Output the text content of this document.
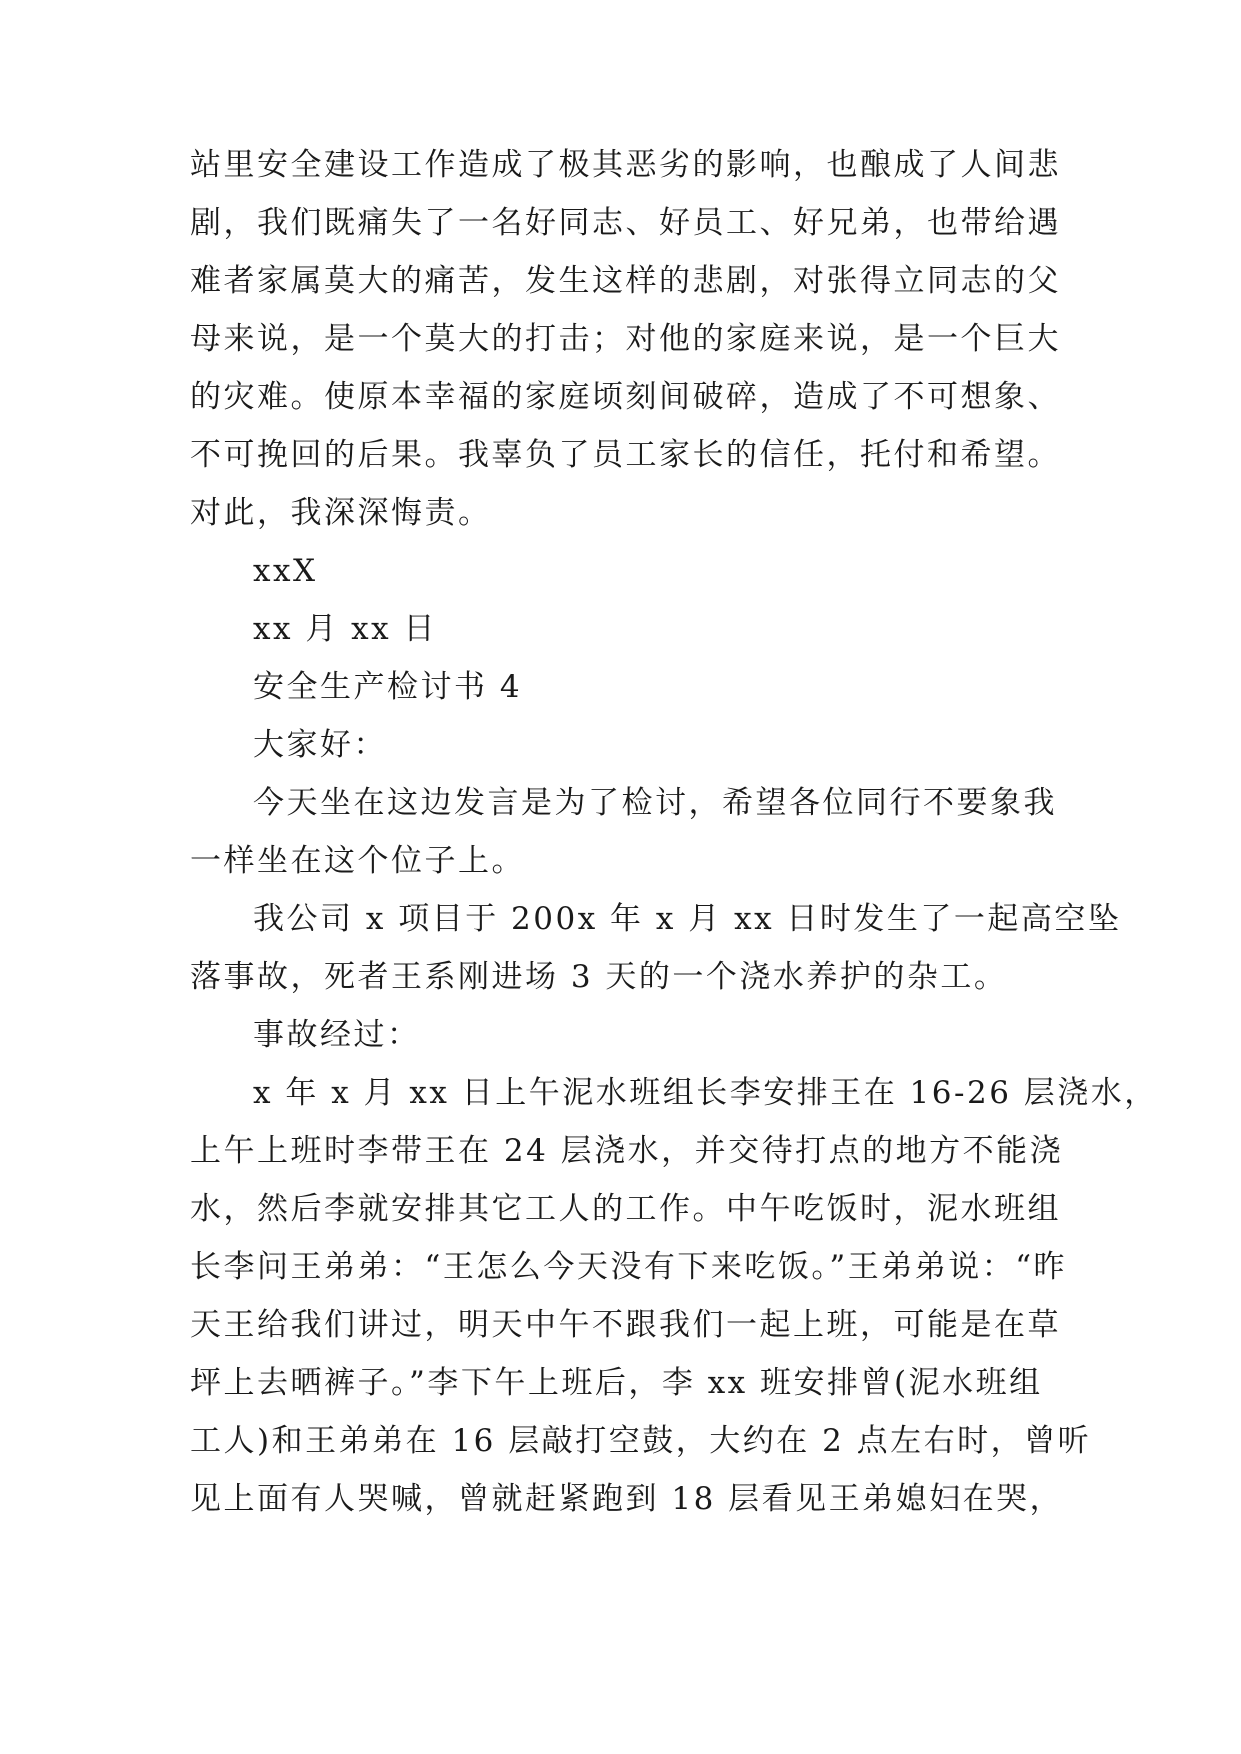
站里安全建设工作造成了极其恶劣的影响，也酿成了人间悲
剧，我们既痛失了一名好同志、好员工、好兄弟，也带给遇
难者家属莫大的痛苦，发生这样的悲剧，对张得立同志的父
母来说，是一个莫大的打击；对他的家庭来说，是一个巨大
的灾难。使原本幸福的家庭顷刻间破碎，造成了不可想象、
不可挽回的后果。我辜负了员工家长的信任，托付和希望。
对此，我深深悔责。
xxX
xx 月 xx 日
安全生产检讨书 4
大家好：
今天坐在这边发言是为了检讨，希望各位同行不要象我
一样坐在这个位子上。
我公司 x 项目于 200x 年 x 月 xx 日时发生了一起高空坠
落事故，死者王系刚进场 3 天的一个浇水养护的杂工。
事故经过：
x 年 x 月 xx 日上午泥水班组长李安排王在 16-26 层浇水，
上午上班时李带王在 24 层浇水，并交待打点的地方不能浇
水，然后李就安排其它工人的工作。中午吃饭时，泥水班组
长李问王弟弟：“王怎么今天没有下来吃饭。”王弟弟说：“昨
天王给我们讲过，明天中午不跟我们一起上班，可能是在草
坪上去晒裤子。”李下午上班后，李 xx 班安排曾(泥水班组
工人)和王弟弟在 16 层敲打空鼓，大约在 2 点左右时，曾听
见上面有人哭喊，曾就赶紧跑到 18 层看见王弟媳妇在哭，
